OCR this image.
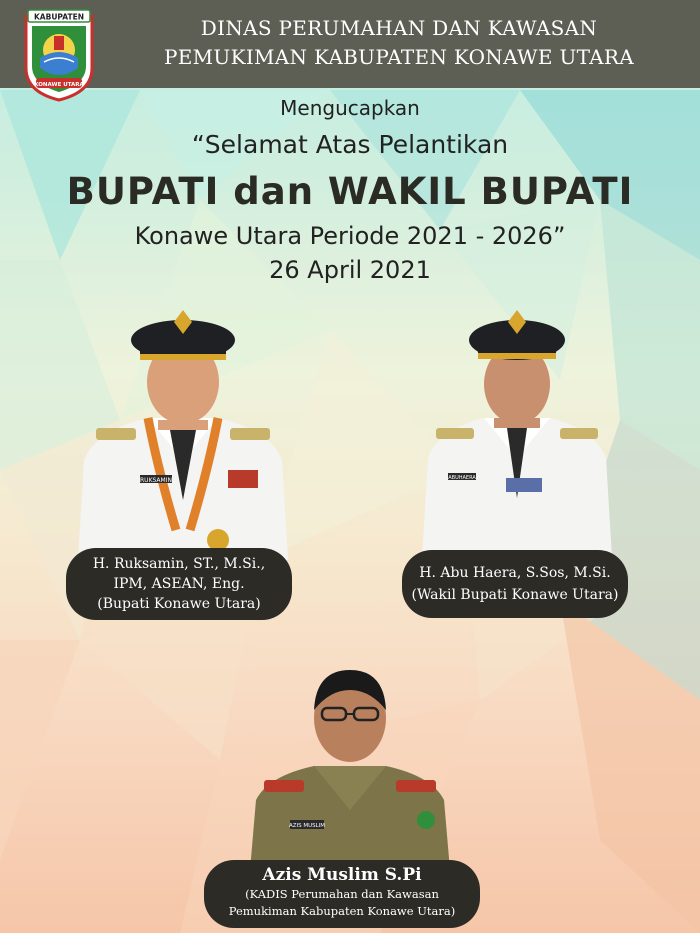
KABUPATEN
KONAWE UTARA
DINAS PERUMAHAN DAN KAWASAN
PEMUKIMAN KABUPATEN KONAWE UTARA
Mengucapkan
“Selamat Atas Pelantikan
BUPATI dan WAKIL BUPATI
Konawe Utara Periode 2021 - 2026”
26 April 2021
RUKSAMIN	ABUHAERA
AZIS MUSLIM
H. Ruksamin, ST., M.Si.,
IPM, ASEAN, Eng.
(Bupati Konawe Utara)
H. Abu Haera, S.Sos, M.Si.
(Wakil Bupati Konawe Utara)
Azis Muslim S.Pi
(KADIS Perumahan dan Kawasan
Pemukiman Kabupaten Konawe Utara)
